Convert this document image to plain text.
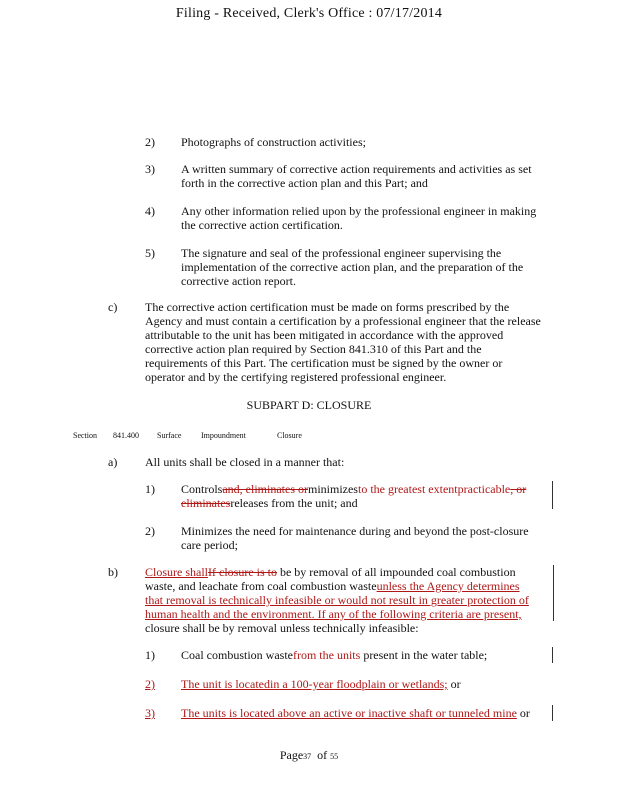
Filing - Received, Clerk's Office : 07/17/2014
2)	Photographs of construction activities;
3)	A written summary of corrective action requirements and activities as set
forth in the corrective action plan and this Part; and
4)	Any other information relied upon by the professional engineer in making
the corrective action certification.
5)	The signature and seal of the professional engineer supervising the
implementation of the corrective action plan, and the preparation of the
corrective action report.
c)	The corrective action certification must be made on forms prescribed by the
Agency and must contain a certification by a professional engineer that the release
attributable to the unit has been mitigated in accordance with the approved
corrective action plan required by Section 841.310 of this Part and the
requirements of this Part. The certification must be signed by the owner or
operator and by the certifying registered professional engineer.
SUBPART D: CLOSURE
Section 841.400 Surface Impoundment	Closure
a)	All units shall be closed in a manner that:
1)	Controlsand, eliminates orminimizesto the greatest extentpracticable, or
eliminatesreleases from the unit; and
2)	Minimizes the need for maintenance during and beyond the post-closure
care period;
b)	Closure shallIf closure is to be by removal of all impounded coal combustion
waste, and leachate from coal combustion wasteunless the Agency determines
that removal is technically infeasible or would not result in greater protection of
human health and the environment. If any of the following criteria are present,
closure shall be by removal unless technically infeasible:
1)	Coal combustion wastefrom the units present in the water table;
2)	The unit is locatedin a 100-year floodplain or wetlands; or
3)	The units is located above an active or inactive shaft or tunneled mine or
Page37 of 55
